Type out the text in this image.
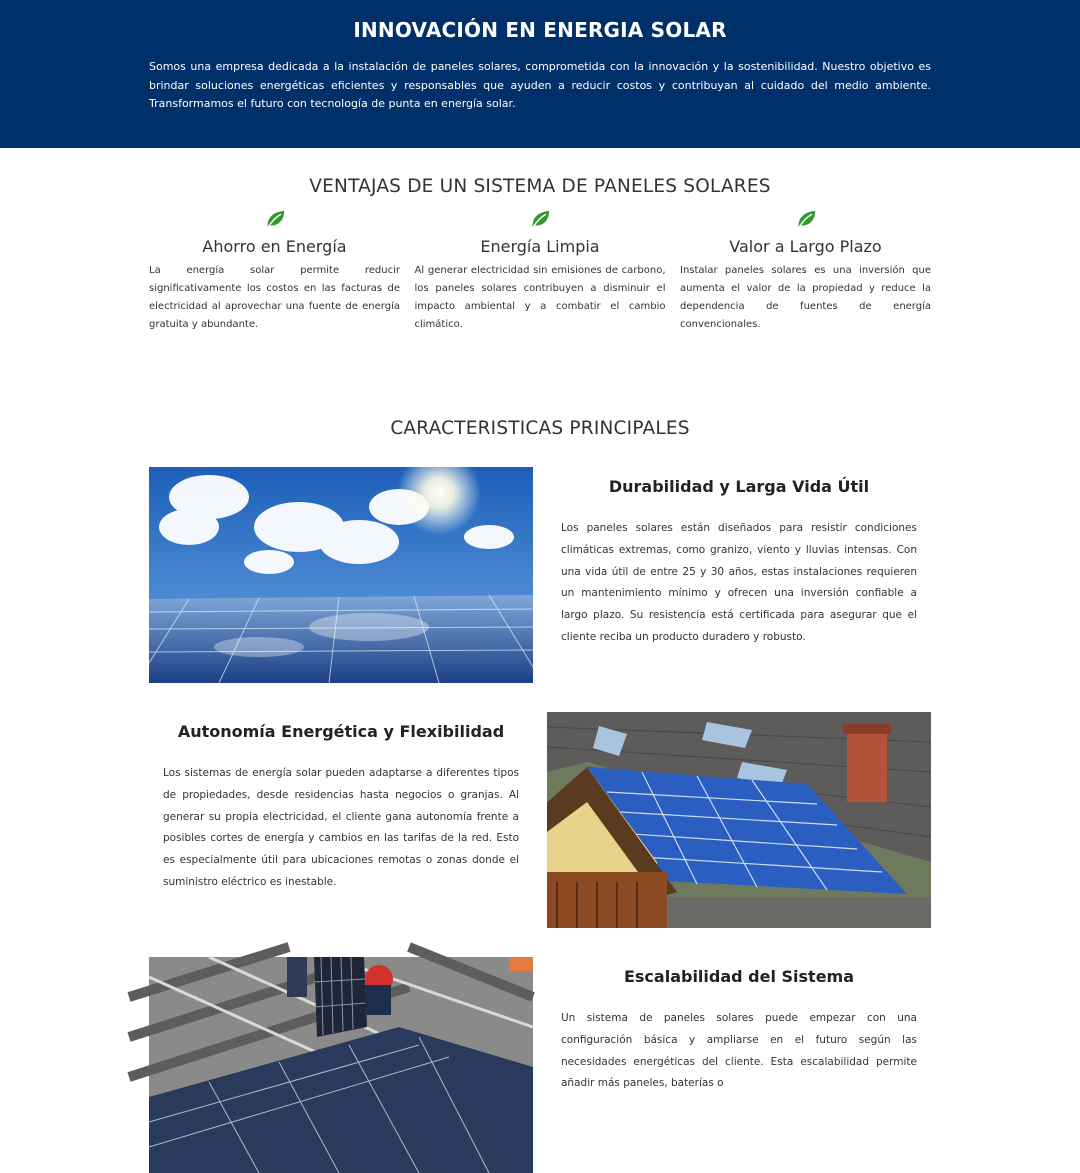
INNOVACIÓN EN ENERGIA SOLAR

Somos una empresa dedicada a la instalación de paneles solares, comprometida con la innovación y la sostenibilidad. Nuestro objetivo es brindar soluciones energéticas eficientes y responsables que ayuden a reducir costos y contribuyan al cuidado del medio ambiente. Transformamos el futuro con tecnología de punta en energía solar.

VENTAJAS DE UN SISTEMA DE PANELES SOLARES
Ahorro en Energía

La energía solar permite reducir significativamente los costos en las facturas de electricidad al aprovechar una fuente de energía gratuita y abundante.

Energía Limpia

Al generar electricidad sin emisiones de carbono, los paneles solares contribuyen a disminuir el impacto ambiental y a combatir el cambio climático.

Valor a Largo Plazo

Instalar paneles solares es una inversión que aumenta el valor de la propiedad y reduce la dependencia de fuentes de energía convencionales.

CARACTERISTICAS PRINCIPALES
Durabilidad y Larga Vida Útil

Los paneles solares están diseñados para resistir condiciones climáticas extremas, como granizo, viento y lluvias intensas. Con una vida útil de entre 25 y 30 años, estas instalaciones requieren un mantenimiento mínimo y ofrecen una inversión confiable a largo plazo. Su resistencia está certificada para asegurar que el cliente reciba un producto duradero y robusto.

Autonomía Energética y Flexibilidad

Los sistemas de energía solar pueden adaptarse a diferentes tipos de propiedades, desde residencias hasta negocios o granjas. Al generar su propia electricidad, el cliente gana autonomía frente a posibles cortes de energía y cambios en las tarifas de la red. Esto es especialmente útil para ubicaciones remotas o zonas donde el suministro eléctrico es inestable.

Escalabilidad del Sistema

Un sistema de paneles solares puede empezar con una configuración básica y ampliarse en el futuro según las necesidades energéticas del cliente. Esta escalabilidad permite añadir más paneles, baterías o
